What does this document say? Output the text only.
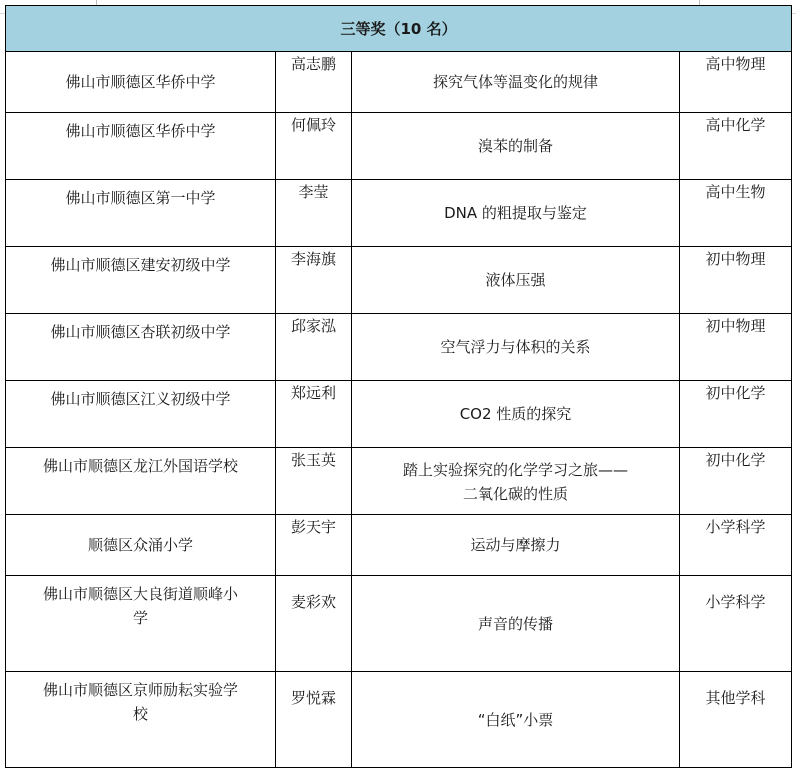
三等奖（10 名）			
佛山市顺德区华侨中学	高志鹏	探究气体等温变化的规律	高中物理
佛山市顺德区华侨中学	何佩玲	溴苯的制备	高中化学
佛山市顺德区第一中学	李莹	DNA 的粗提取与鉴定	高中生物
佛山市顺德区建安初级中学	李海旗	液体压强	初中物理
佛山市顺德区杏联初级中学	邱家泓	空气浮力与体积的关系	初中物理
佛山市顺德区江义初级中学	郑远利	CO2 性质的探究	初中化学
佛山市顺德区龙江外国语学校	张玉英	踏上实验探究的化学学习之旅——
二氧化碳的性质	初中化学
顺德区众涌小学	彭天宇	运动与摩擦力	小学科学

佛山市顺德区大良街道顺峰小
学	麦彩欢	声音的传播	小学科学

佛山市顺德区京师励耘实验学
校	罗悦霖	“白纸”小票	其他学科
